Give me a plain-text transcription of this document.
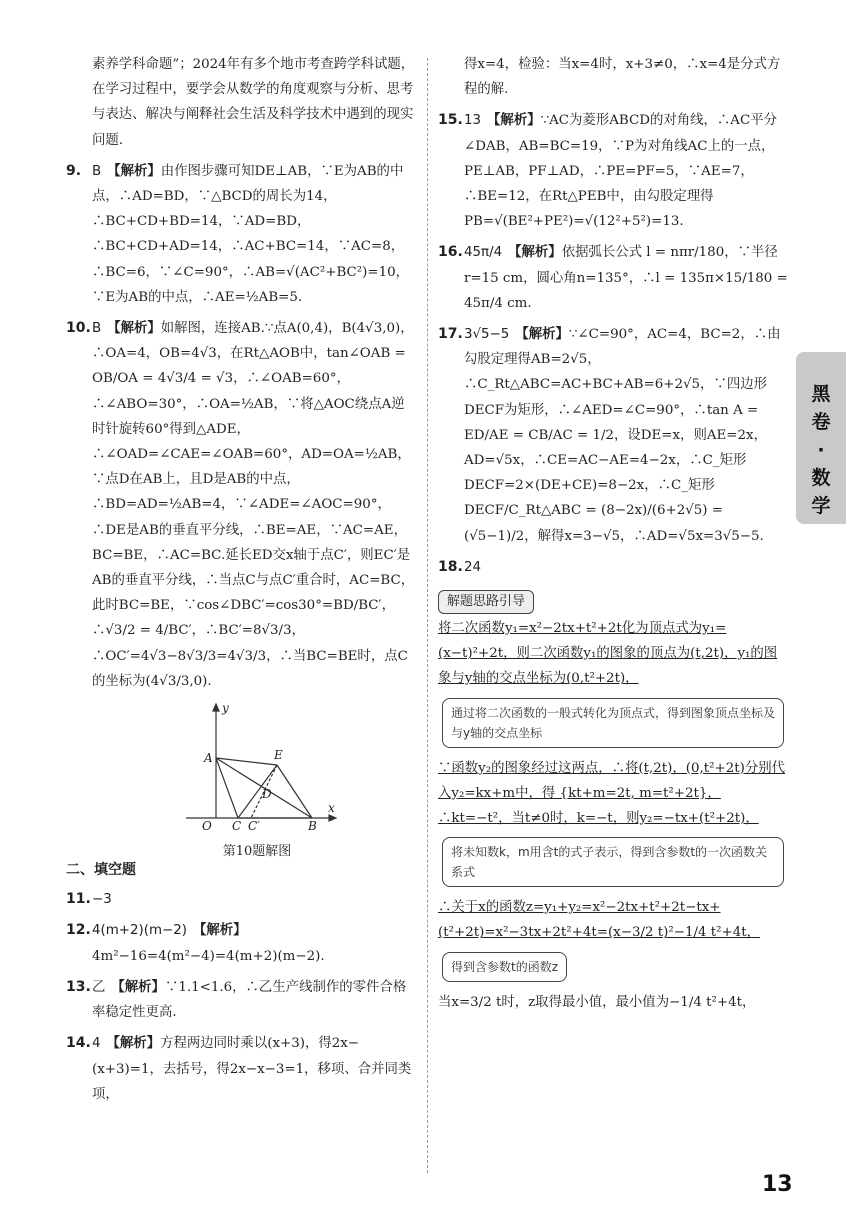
素养学科命题”；2024年有多个地市考查跨学科试题，在学习过程中，要学会从数学的角度观察与分析、思考与表达、解决与阐释社会生活及科学技术中遇到的现实问题.

9. B 【解析】由作图步骤可知DE⊥AB，∵E为AB的中点，∴AD=BD，∵△BCD的周长为14，∴BC+CD+BD=14，∵AD=BD，∴BC+CD+AD=14，∴AC+BC=14，∵AC=8，∴BC=6，∵∠C=90°，∴AB=√(AC²+BC²)=10，∵E为AB的中点，∴AE=½AB=5.
10.B 【解析】如解图，连接AB.∵点A(0,4)，B(4√3,0)，∴OA=4，OB=4√3，在Rt△AOB中，tan∠OAB = OB/OA = 4√3/4 = √3，∴∠OAB=60°，∴∠ABO=30°，∴OA=½AB，∵将△AOC绕点A逆时针旋转60°得到△ADE，∴∠OAD=∠CAE=∠OAB=60°，AD=OA=½AB，∵点D在AB上，且D是AB的中点，∴BD=AD=½AB=4，∵∠ADE=∠AOC=90°，∴DE是AB的垂直平分线，∴BE=AE，∵AC=AE，BC=BE，∴AC=BC.延长ED交x轴于点C′，则EC′是AB的垂直平分线，∴当点C与点C′重合时，AC=BC，此时BC=BE，∵cos∠DBC′=cos30°=BD/BC′，∴√3/2 = 4/BC′，∴BC′=8√3/3，∴OC′=4√3−8√3/3=4√3/3，∴当BC=BE时，点C的坐标为(4√3/3,0).
y
x
A	E
D
O C C′	B
第10题解图
二、填空题
11.−3
12.4(m+2)(m−2) 【解析】4m²−16=4(m²−4)=4(m+2)(m−2).
13.乙 【解析】∵1.1<1.6，∴乙生产线制作的零件合格率稳定性更高.
14.4 【解析】方程两边同时乘以(x+3)，得2x−(x+3)=1，去括号，得2x−x−3=1，移项、合并同类项，

得x=4，检验：当x=4时，x+3≠0，∴x=4是分式方程的解.

15.13 【解析】∵AC为菱形ABCD的对角线，∴AC平分∠DAB，AB=BC=19，∵P为对角线AC上的一点，PE⊥AB，PF⊥AD，∴PE=PF=5，∵AE=7，∴BE=12，在Rt△PEB中，由勾股定理得PB=√(BE²+PE²)=√(12²+5²)=13.
16.45π/4 【解析】依据弧长公式 l = nπr/180，∵半径r=15 cm，圆心角n=135°，∴l = 135π×15/180 = 45π/4 cm.
17.3√5−5 【解析】∵∠C=90°，AC=4，BC=2，∴由勾股定理得AB=2√5，∴C_Rt△ABC=AC+BC+AB=6+2√5，∵四边形DECF为矩形，∴∠AED=∠C=90°，∴tan A = ED/AE = CB/AC = 1/2，设DE=x，则AE=2x，AD=√5x，∴CE=AC−AE=4−2x，∴C_矩形DECF=2×(DE+CE)=8−2x，∴C_矩形DECF/C_Rt△ABC = (8−2x)/(6+2√5) = (√5−1)/2，解得x=3−√5，∴AD=√5x=3√5−5.
18.24
解题思路引导

将二次函数y₁=x²−2tx+t²+2t化为顶点式为y₁=(x−t)²+2t，则二次函数y₁的图象的顶点为(t,2t)，y₁的图象与y轴的交点坐标为(0,t²+2t)，

通过将二次函数的一般式转化为顶点式，得到图象顶点坐标及与y轴的交点坐标

∵函数y₂的图象经过这两点，∴将(t,2t)，(0,t²+2t)分别代入y₂=kx+m中，得 {kt+m=2t, m=t²+2t}，∴kt=−t²，当t≠0时，k=−t，则y₂=−tx+(t²+2t)，

将未知数k，m用含t的式子表示，得到含参数t的一次函数关系式

∴关于x的函数z=y₁+y₂=x²−2tx+t²+2t−tx+(t²+2t)=x²−3tx+2t²+4t=(x−3/2 t)²−1/4 t²+4t，

得到含参数t的函数z

当x=3/2 t时，z取得最小值，最小值为−1/4 t²+4t，

黑卷·数学
13
